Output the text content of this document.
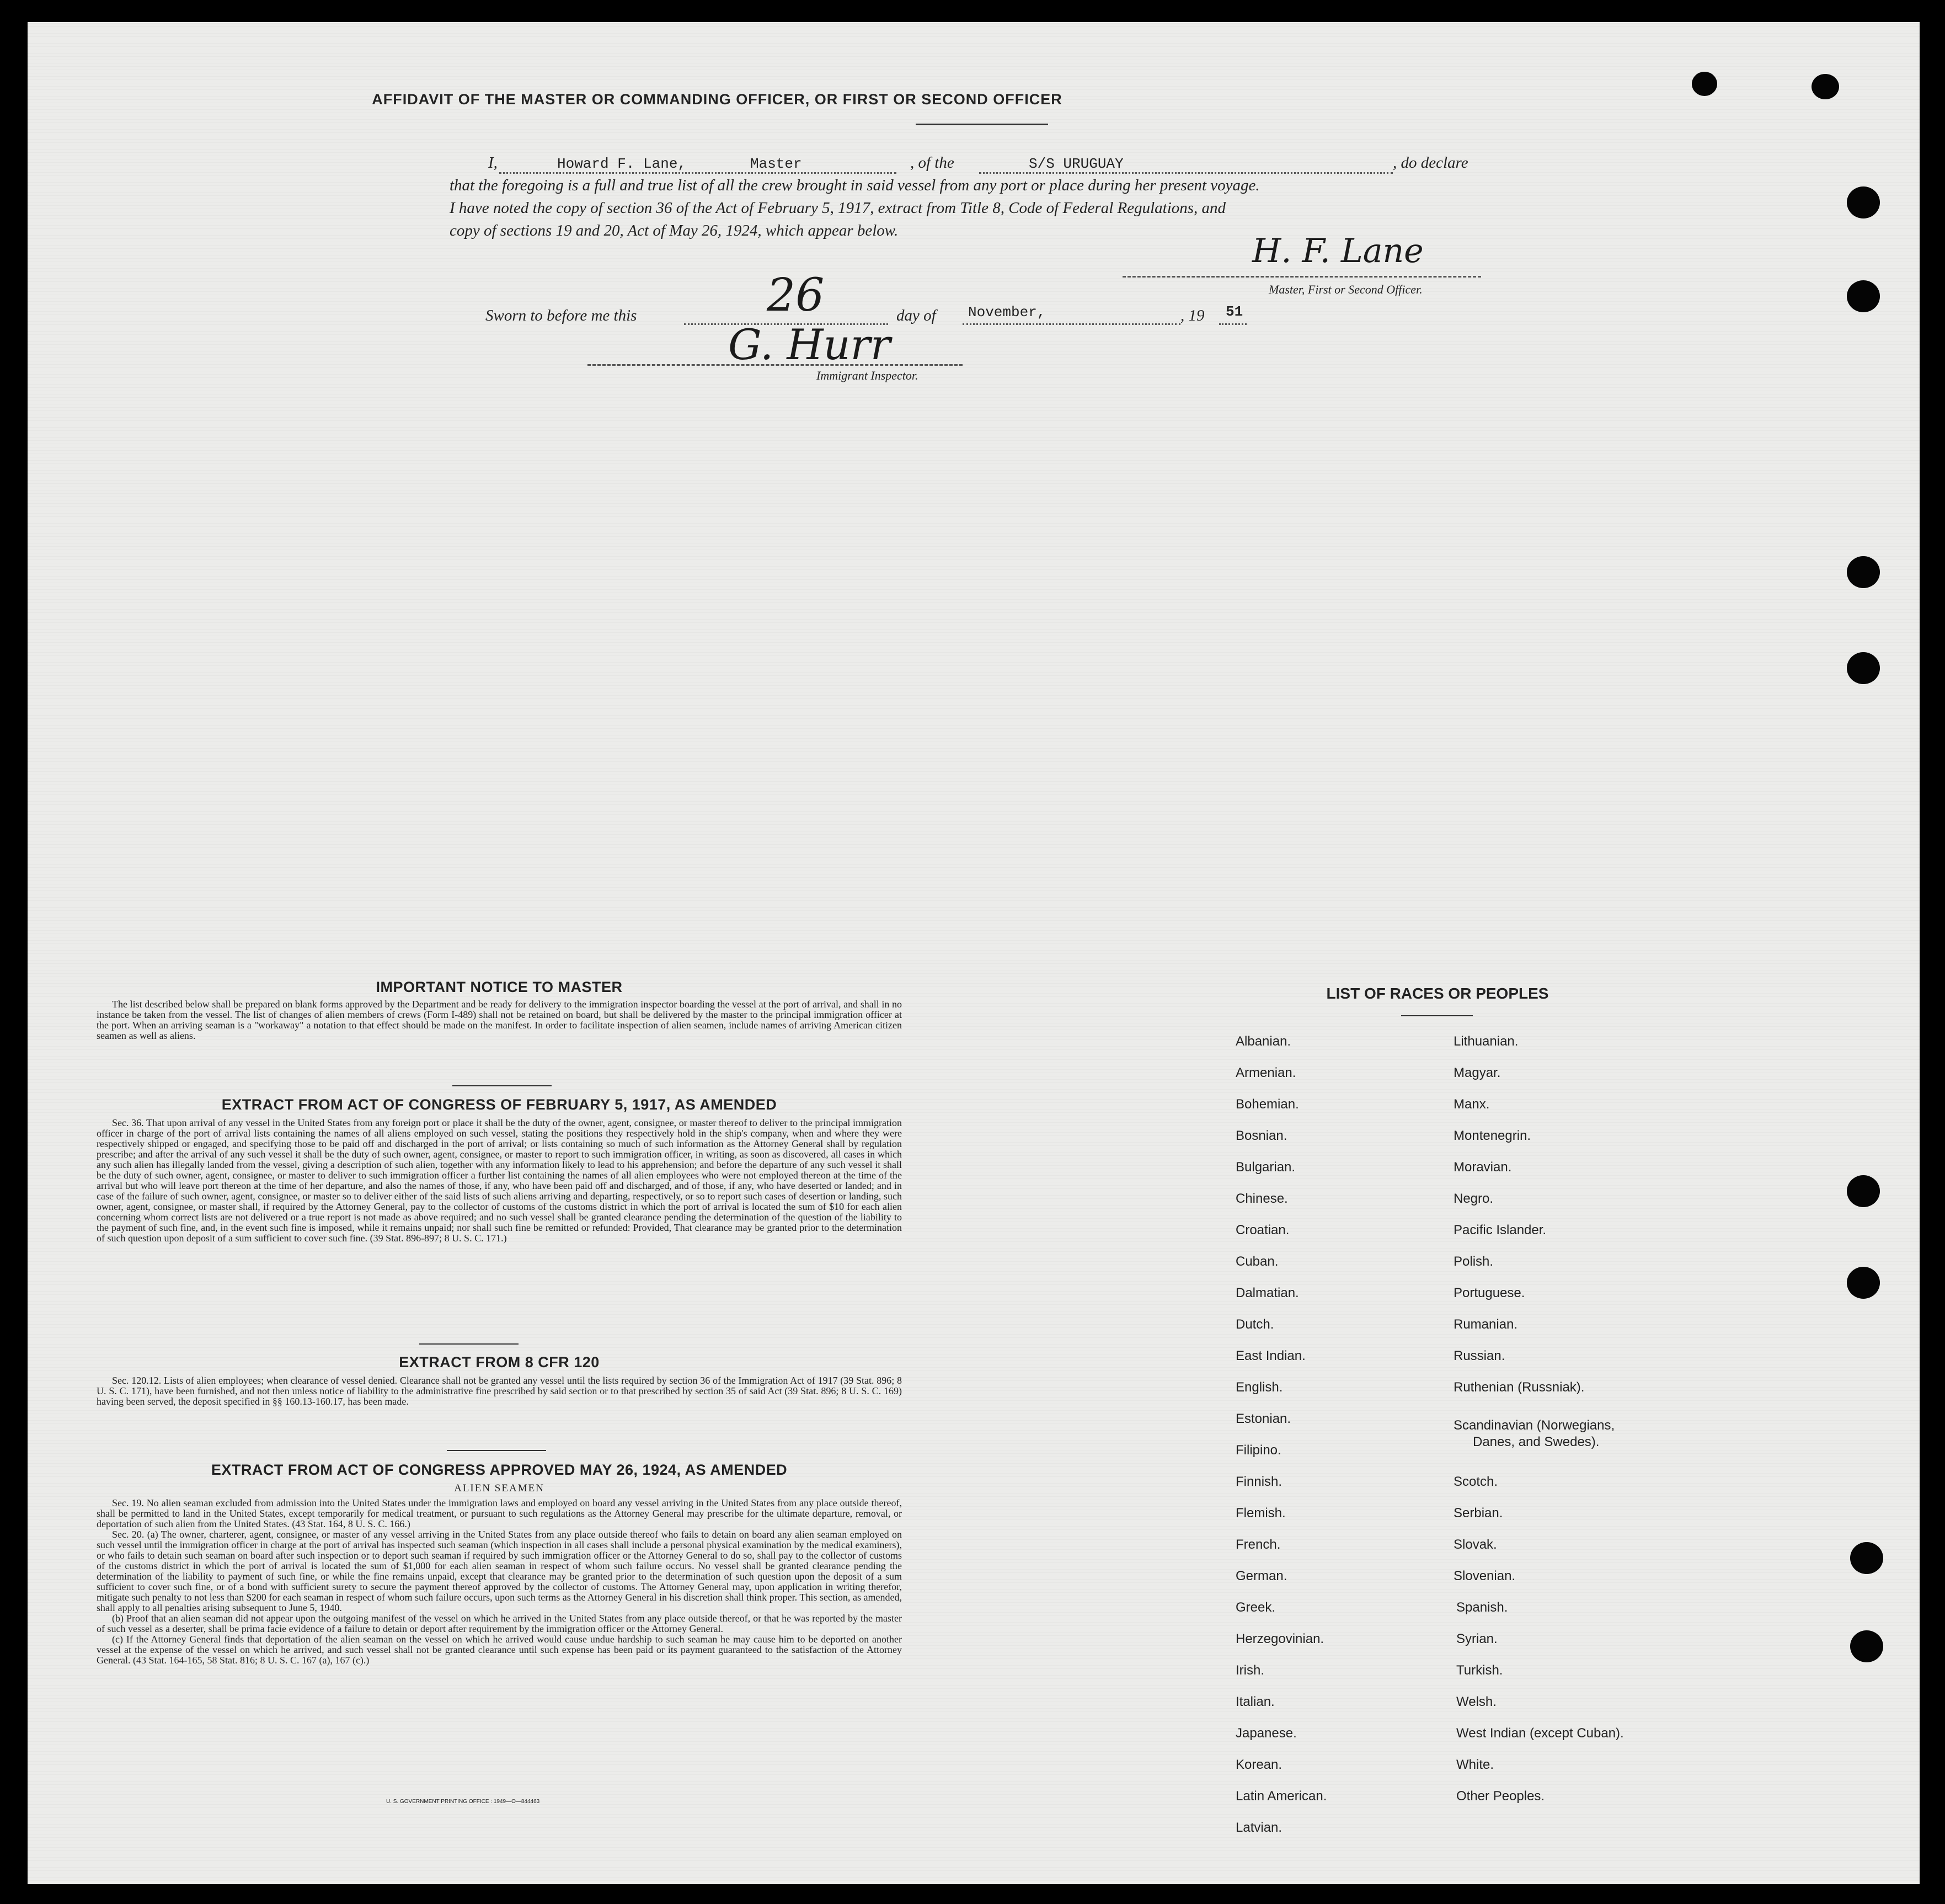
AFFIDAVIT OF THE MASTER OR COMMANDING OFFICER, OR FIRST OR SECOND OFFICER
I,	Howard F. Lane,	Master	, of the	S/S URUGUAY	, do declare
that the foregoing is a full and true list of all the crew brought in said vessel from any port or place during her present voyage.
I have noted the copy of section 36 of the Act of February 5, 1917, extract from Title 8, Code of Federal Regulations, and
copy of sections 19 and 20, Act of May 26, 1924, which appear below.
H. F. Lane
Master, First or Second Officer.
Sworn to before me this	26	day of	November,	, 19	51
G. Hurr
Immigrant Inspector.
IMPORTANT NOTICE TO MASTER

The list described below shall be prepared on blank forms approved by the Department and be ready for delivery to the immigration inspector boarding the vessel at the port of arrival, and shall in no instance be taken from the vessel. The list of changes of alien members of crews (Form I-489) shall not be retained on board, but shall be delivered by the master to the principal immigration officer at the port. When an arriving seaman is a "workaway" a notation to that effect should be made on the manifest. In order to facilitate inspection of alien seamen, include names of arriving American citizen seamen as well as aliens.

EXTRACT FROM ACT OF CONGRESS OF FEBRUARY 5, 1917, AS AMENDED

Sec. 36. That upon arrival of any vessel in the United States from any foreign port or place it shall be the duty of the owner, agent, consignee, or master thereof to deliver to the principal immigration officer in charge of the port of arrival lists containing the names of all aliens employed on such vessel, stating the positions they respectively hold in the ship's company, when and where they were respectively shipped or engaged, and specifying those to be paid off and discharged in the port of arrival; or lists containing so much of such information as the Attorney General shall by regulation prescribe; and after the arrival of any such vessel it shall be the duty of such owner, agent, consignee, or master to report to such immigration officer, in writing, as soon as discovered, all cases in which any such alien has illegally landed from the vessel, giving a description of such alien, together with any information likely to lead to his apprehension; and before the departure of any such vessel it shall be the duty of such owner, agent, consignee, or master to deliver to such immigration officer a further list containing the names of all alien employees who were not employed thereon at the time of the arrival but who will leave port thereon at the time of her departure, and also the names of those, if any, who have been paid off and discharged, and of those, if any, who have deserted or landed; and in case of the failure of such owner, agent, consignee, or master so to deliver either of the said lists of such aliens arriving and departing, respectively, or so to report such cases of desertion or landing, such owner, agent, consignee, or master shall, if required by the Attorney General, pay to the collector of customs of the customs district in which the port of arrival is located the sum of $10 for each alien concerning whom correct lists are not delivered or a true report is not made as above required; and no such vessel shall be granted clearance pending the determination of the question of the liability to the payment of such fine, and, in the event such fine is imposed, while it remains unpaid; nor shall such fine be remitted or refunded: Provided, That clearance may be granted prior to the determination of such question upon deposit of a sum sufficient to cover such fine. (39 Stat. 896-897; 8 U. S. C. 171.)

EXTRACT FROM 8 CFR 120

Sec. 120.12. Lists of alien employees; when clearance of vessel denied. Clearance shall not be granted any vessel until the lists required by section 36 of the Immigration Act of 1917 (39 Stat. 896; 8 U. S. C. 171), have been furnished, and not then unless notice of liability to the administrative fine prescribed by said section or to that prescribed by section 35 of said Act (39 Stat. 896; 8 U. S. C. 169) having been served, the deposit specified in §§ 160.13-160.17, has been made.

EXTRACT FROM ACT OF CONGRESS APPROVED MAY 26, 1924, AS AMENDED
ALIEN SEAMEN

Sec. 19. No alien seaman excluded from admission into the United States under the immigration laws and employed on board any vessel arriving in the United States from any place outside thereof, shall be permitted to land in the United States, except temporarily for medical treatment, or pursuant to such regulations as the Attorney General may prescribe for the ultimate departure, removal, or deportation of such alien from the United States. (43 Stat. 164, 8 U. S. C. 166.)

Sec. 20. (a) The owner, charterer, agent, consignee, or master of any vessel arriving in the United States from any place outside thereof who fails to detain on board any alien seaman employed on such vessel until the immigration officer in charge at the port of arrival has inspected such seaman (which inspection in all cases shall include a personal physical examination by the medical examiners), or who fails to detain such seaman on board after such inspection or to deport such seaman if required by such immigration officer or the Attorney General to do so, shall pay to the collector of customs of the customs district in which the port of arrival is located the sum of $1,000 for each alien seaman in respect of whom such failure occurs. No vessel shall be granted clearance pending the determination of the liability to payment of such fine, or while the fine remains unpaid, except that clearance may be granted prior to the determination of such question upon the deposit of a sum sufficient to cover such fine, or of a bond with sufficient surety to secure the payment thereof approved by the collector of customs. The Attorney General may, upon application in writing therefor, mitigate such penalty to not less than $200 for each seaman in respect of whom such failure occurs, upon such terms as the Attorney General in his discretion shall think proper. This section, as amended, shall apply to all penalties arising subsequent to June 5, 1940.

(b) Proof that an alien seaman did not appear upon the outgoing manifest of the vessel on which he arrived in the United States from any place outside thereof, or that he was reported by the master of such vessel as a deserter, shall be prima facie evidence of a failure to detain or deport after requirement by the immigration officer or the Attorney General.

(c) If the Attorney General finds that deportation of the alien seaman on the vessel on which he arrived would cause undue hardship to such seaman he may cause him to be deported on another vessel at the expense of the vessel on which he arrived, and such vessel shall not be granted clearance until such expense has been paid or its payment guaranteed to the satisfaction of the Attorney General. (43 Stat. 164-165, 58 Stat. 816; 8 U. S. C. 167 (a), 167 (c).)

U. S. GOVERNMENT PRINTING OFFICE : 1949—O—844463
LIST OF RACES OR PEOPLES
Albanian.
Armenian.
Bohemian.
Bosnian.
Bulgarian.
Chinese.
Croatian.
Cuban.
Dalmatian.
Dutch.
East Indian.
English.
Estonian.
Filipino.
Finnish.
Flemish.
French.
German.
Greek.
Herzegovinian.
Irish.
Italian.
Japanese.
Korean.
Latin American.
Latvian.
Lithuanian.
Magyar.
Manx.
Montenegrin.
Moravian.
Negro.
Pacific Islander.
Polish.
Portuguese.
Rumanian.
Russian.
Ruthenian (Russniak).
Scandinavian (Norwegians,
Danes, and Swedes).
Scotch.
Serbian.
Slovak.
Slovenian.
Spanish.
Syrian.
Turkish.
Welsh.
West Indian (except Cuban).
White.
Other Peoples.
